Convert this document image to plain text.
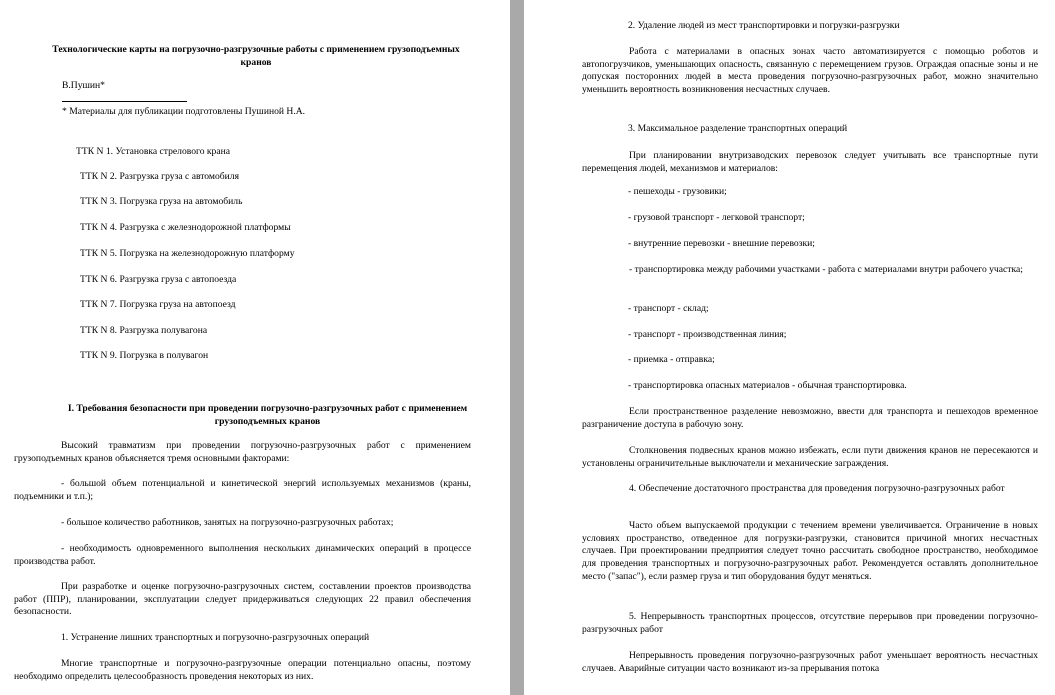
Технологические карты на погрузочно-разгрузочные работы с применением грузоподъемных кранов

В.Пушин*

* Материалы для публикации подготовлены Пушиной Н.А.

ТТК N 1. Установка стрелового крана

ТТК N 2. Разгрузка груза с автомобиля

ТТК N 3. Погрузка груза на автомобиль

ТТК N 4. Разгрузка с железнодорожной платформы

ТТК N 5. Погрузка на железнодорожную платформу

ТТК N 6. Разгрузка груза с автопоезда

ТТК N 7. Погрузка груза на автопоезд

ТТК N 8. Разгрузка полувагона

ТТК N 9. Погрузка в полувагон

I. Требования безопасности при проведении погрузочно-разгрузочных работ с применением грузоподъемных кранов

Высокий травматизм при проведении погрузочно-разгрузочных работ с применением грузоподъемных кранов объясняется тремя основными факторами:

- большой объем потенциальной и кинетической энергий используемых механизмов (краны, подъемники и т.п.);

- большое количество работников, занятых на погрузочно-разгрузочных работах;

- необходимость одновременного выполнения нескольких динамических операций в процессе производства работ.

При разработке и оценке погрузочно-разгрузочных систем, составлении проектов производства работ (ППР), планировании, эксплуатации следует придерживаться следующих 22 правил обеспечения безопасности.

1. Устранение лишних транспортных и погрузочно-разгрузочных операций

Многие транспортные и погрузочно-разгрузочные операции потенциально опасны, поэтому необходимо определить целесообразность проведения некоторых из них.

2. Удаление людей из мест транспортировки и погрузки-разгрузки

Работа с материалами в опасных зонах часто автоматизируется с помощью роботов и автопогрузчиков, уменьшающих опасность, связанную с перемещением грузов. Ограждая опасные зоны и не допуская посторонних людей в места проведения погрузочно-разгрузочных работ, можно значительно уменьшить вероятность возникновения несчастных случаев.

3. Максимальное разделение транспортных операций

При планировании внутризаводских перевозок следует учитывать все транспортные пути перемещения людей, механизмов и материалов:

- пешеходы - грузовики;

- грузовой транспорт - легковой транспорт;

- внутренние перевозки - внешние перевозки;

- транспортировка между рабочими участками - работа с материалами внутри рабочего участка;

- транспорт - склад;

- транспорт - производственная линия;

- приемка - отправка;

- транспортировка опасных материалов - обычная транспортировка.

Если пространственное разделение невозможно, ввести для транспорта и пешеходов временное разграничение доступа в рабочую зону.

Столкновения подвесных кранов можно избежать, если пути движения кранов не пересекаются и установлены ограничительные выключатели и механические заграждения.

4. Обеспечение достаточного пространства для проведения погрузочно-разгрузочных работ

Часто объем выпускаемой продукции с течением времени увеличивается. Ограничение в новых условиях пространство, отведенное для погрузки-разгрузки, становится причиной многих несчастных случаев. При проектировании предприятия следует точно рассчитать свободное пространство, необходимое для проведения транспортных и погрузочно-разгрузочных работ. Рекомендуется оставлять дополнительное место ("запас"), если размер груза и тип оборудования будут меняться.

5. Непрерывность транспортных процессов, отсутствие перерывов при проведении погрузочно-разгрузочных работ

Непрерывность проведения погрузочно-разгрузочных работ уменьшает вероятность несчастных случаев. Аварийные ситуации часто возникают из-за прерывания потока
